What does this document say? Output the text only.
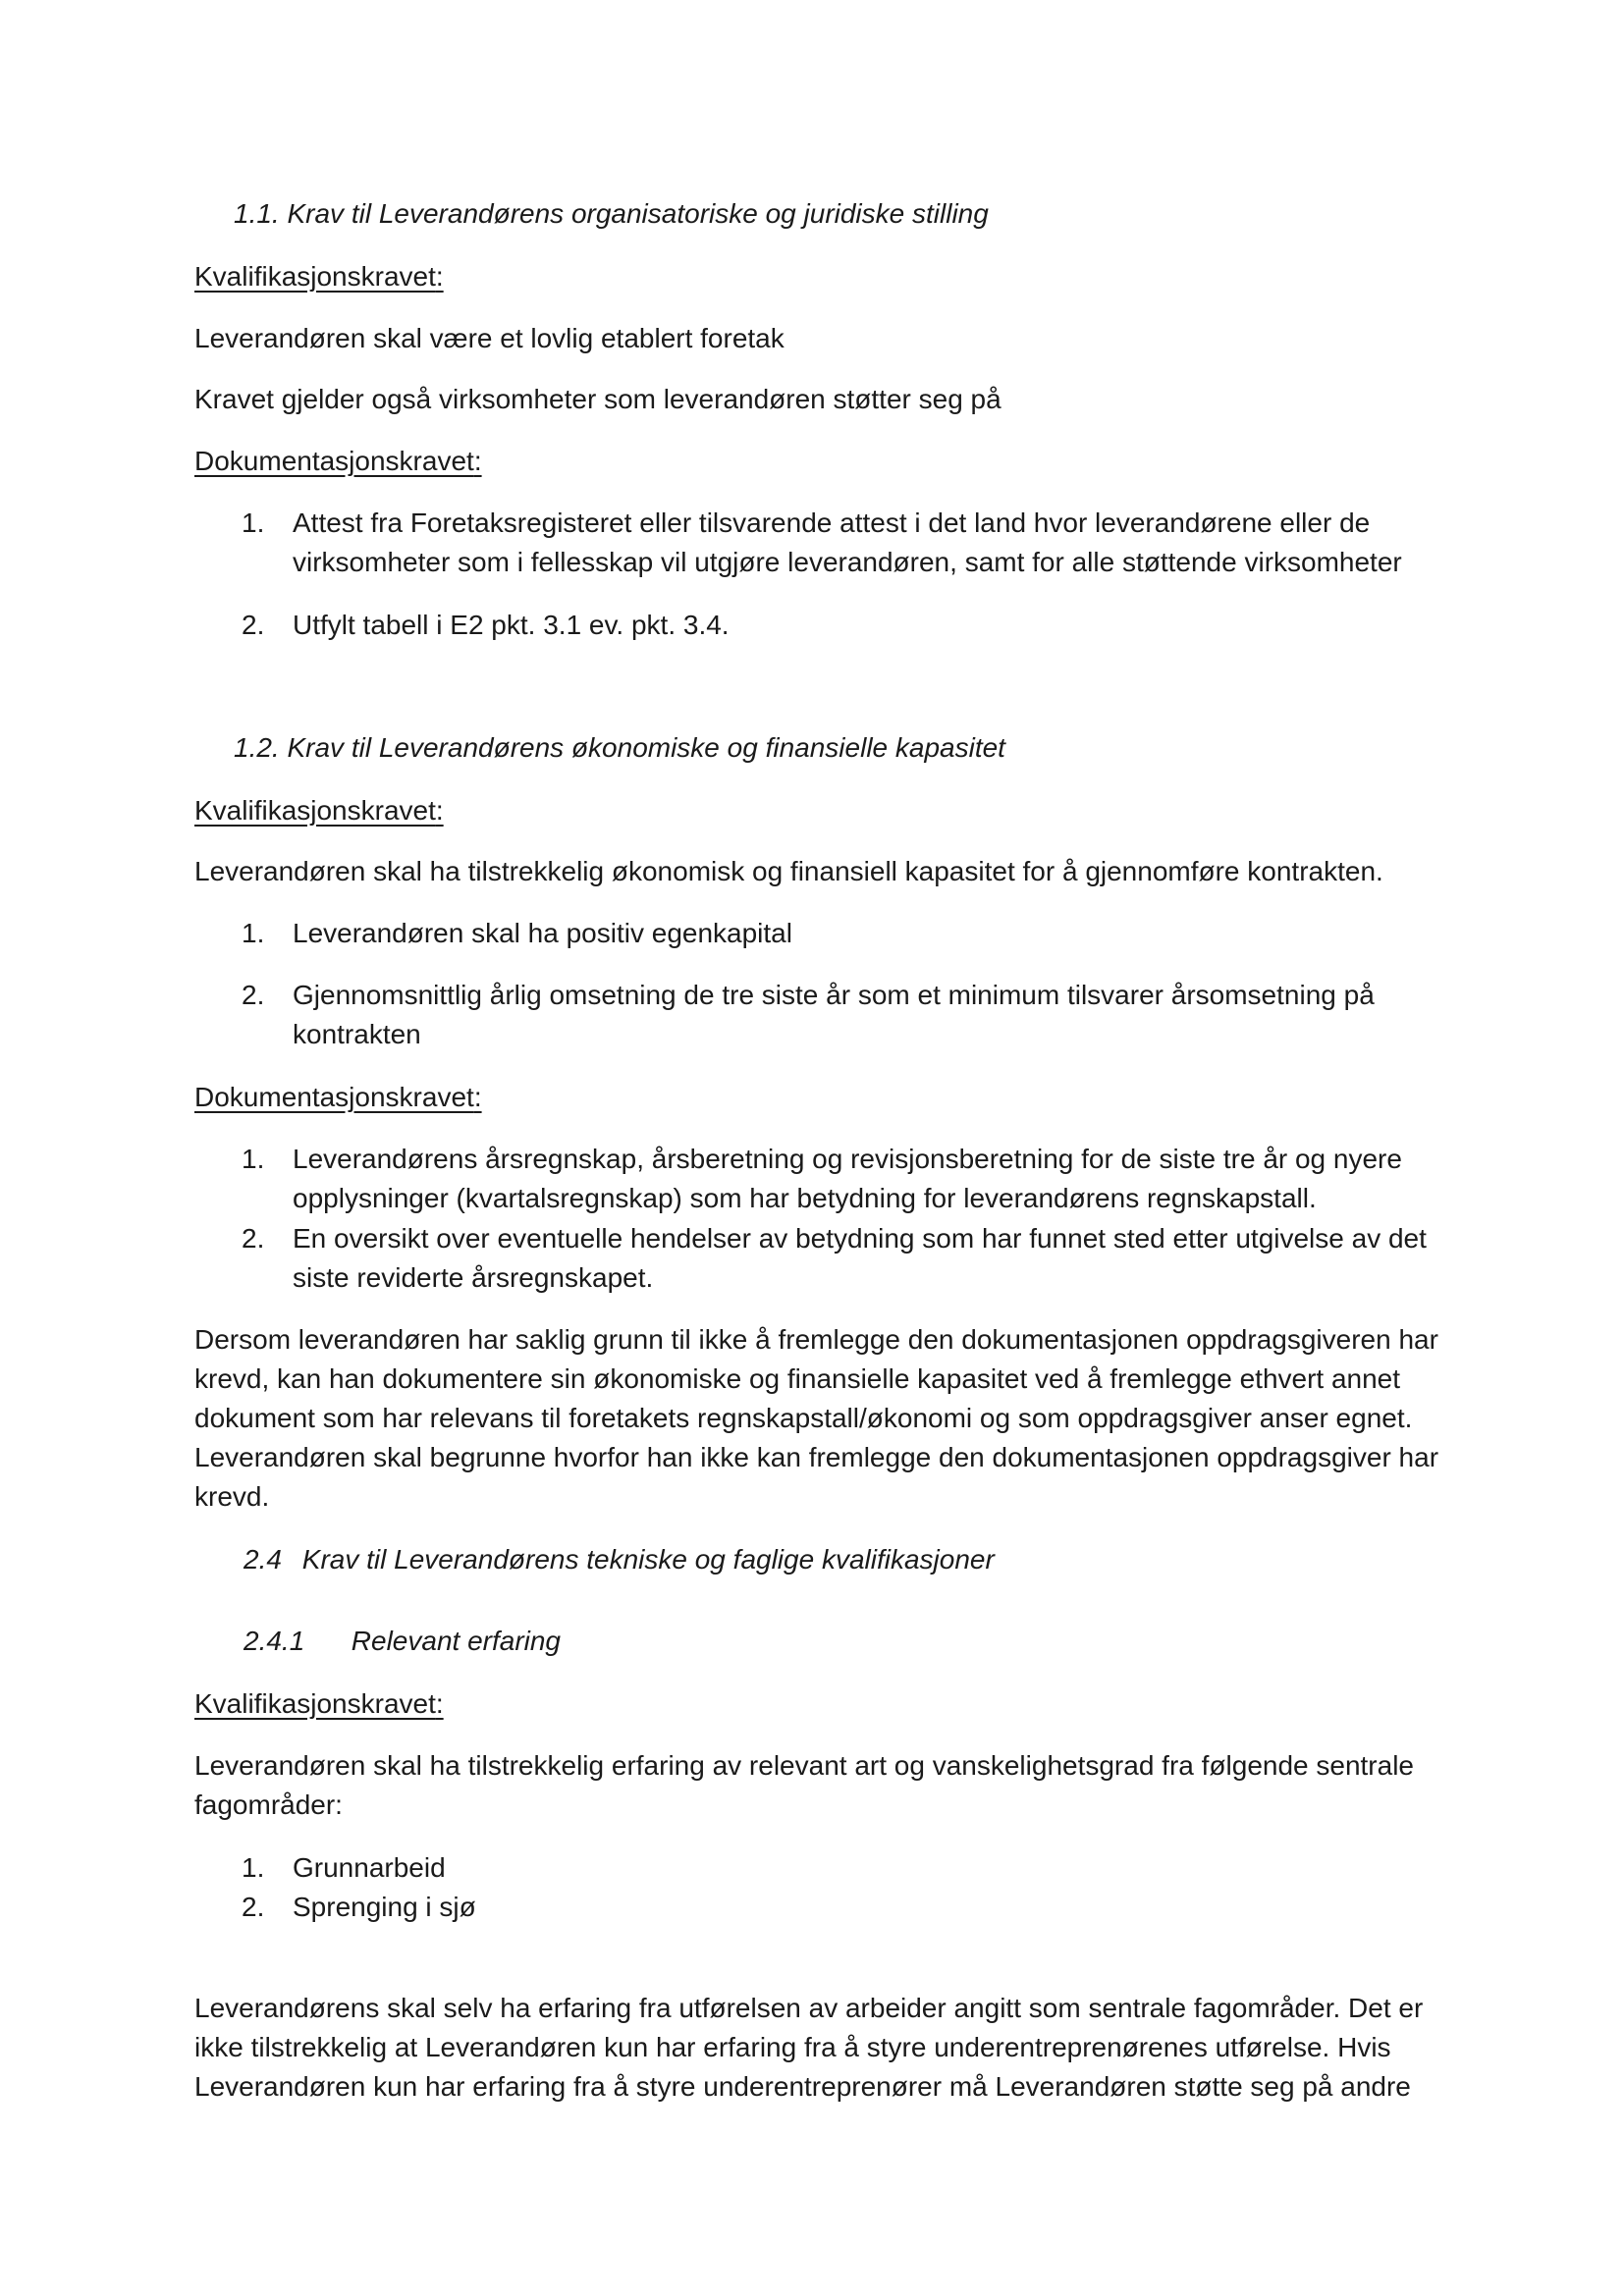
1.1. Krav til Leverandørens organisatoriske og juridiske stilling
Kvalifikasjonskravet:
Leverandøren skal være et lovlig etablert foretak
Kravet gjelder også virksomheter som leverandøren støtter seg på
Dokumentasjonskravet:
1.	Attest fra Foretaksregisteret eller tilsvarende attest i det land hvor leverandørene eller de virksomheter som i fellesskap vil utgjøre leverandøren, samt for alle støttende virksomheter
2.	Utfylt tabell i E2 pkt. 3.1 ev. pkt. 3.4.
1.2. Krav til Leverandørens økonomiske og finansielle kapasitet
Kvalifikasjonskravet:
Leverandøren skal ha tilstrekkelig økonomisk og finansiell kapasitet for å gjennomføre kontrakten.
1.	Leverandøren skal ha positiv egenkapital
2.	Gjennomsnittlig årlig omsetning de tre siste år som et minimum tilsvarer årsomsetning på kontrakten
Dokumentasjonskravet:
1.	Leverandørens årsregnskap, årsberetning og revisjonsberetning for de siste tre år og nyere opplysninger (kvartalsregnskap) som har betydning for leverandørens regnskapstall.
2.	En oversikt over eventuelle hendelser av betydning som har funnet sted etter utgivelse av det siste reviderte årsregnskapet.
Dersom leverandøren har saklig grunn til ikke å fremlegge den dokumentasjonen oppdragsgiveren har krevd, kan han dokumentere sin økonomiske og finansielle kapasitet ved å fremlegge ethvert annet dokument som har relevans til foretakets regnskapstall/økonomi og som oppdragsgiver anser egnet. Leverandøren skal begrunne hvorfor han ikke kan fremlegge den dokumentasjonen oppdragsgiver har krevd.
2.4 Krav til Leverandørens tekniske og faglige kvalifikasjoner
2.4.1 Relevant erfaring
Kvalifikasjonskravet:
Leverandøren skal ha tilstrekkelig erfaring av relevant art og vanskelighetsgrad fra følgende sentrale fagområder:
1.	Grunnarbeid
2.	Sprenging i sjø
Leverandørens skal selv ha erfaring fra utførelsen av arbeider angitt som sentrale fagområder. Det er ikke tilstrekkelig at Leverandøren kun har erfaring fra å styre underentreprenørenes utførelse. Hvis Leverandøren kun har erfaring fra å styre underentreprenører må Leverandøren støtte seg på andre
